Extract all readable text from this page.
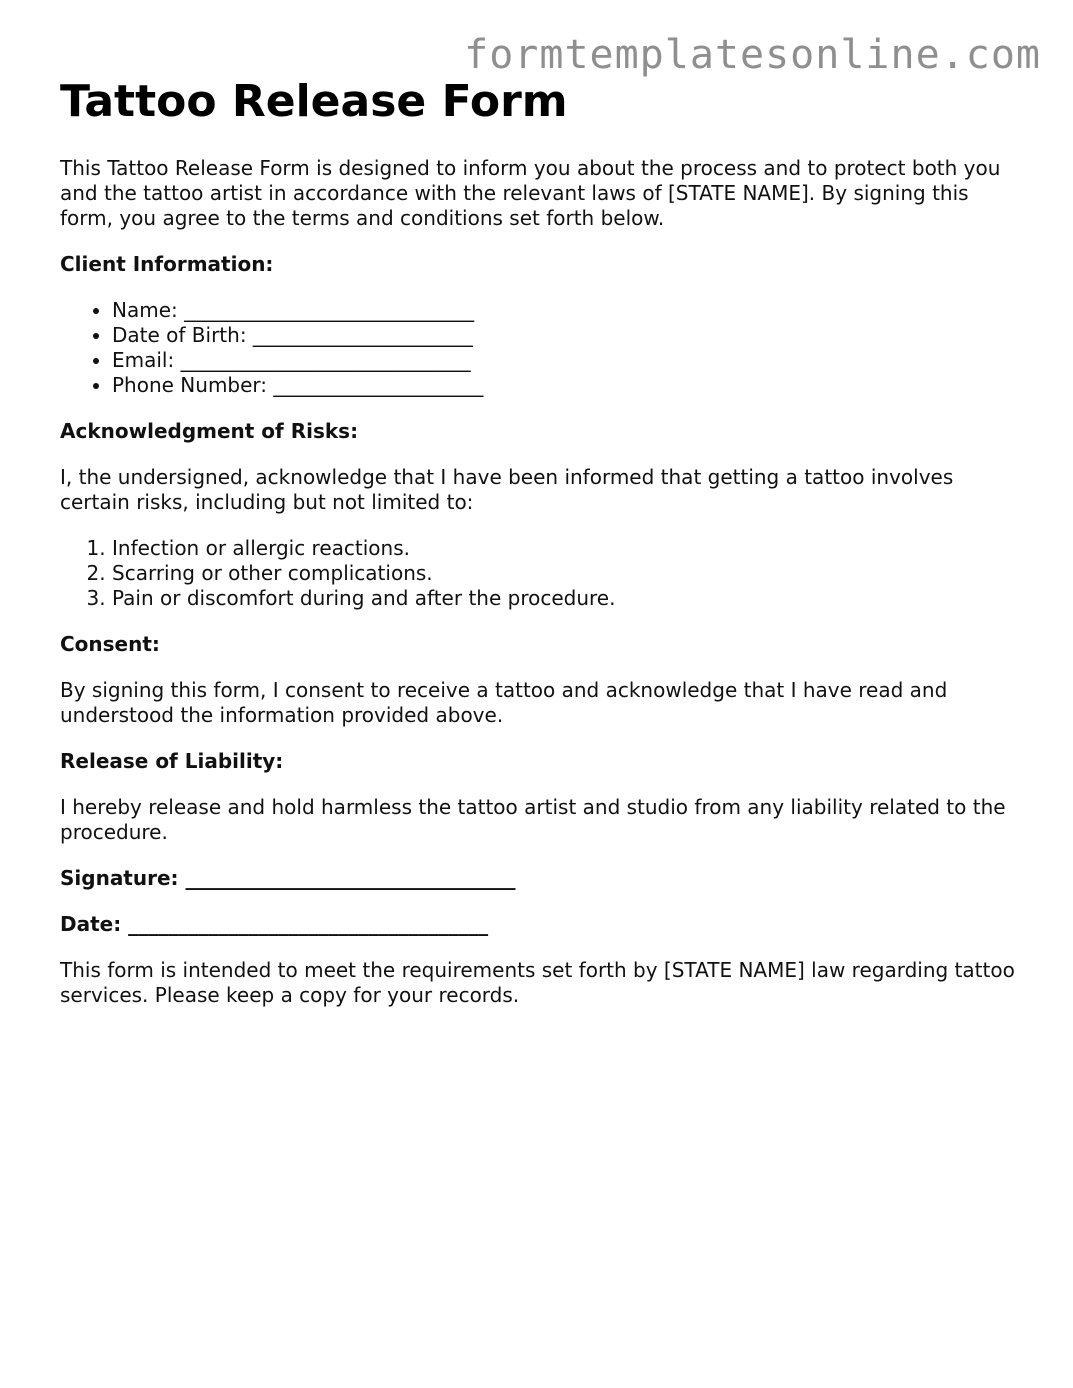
formtemplatesonline.com
Tattoo Release Form

This Tattoo Release Form is designed to inform you about the process and to protect both you and the tattoo artist in accordance with the relevant laws of [STATE NAME]. By signing this form, you agree to the terms and conditions set forth below.

Client Information:

• Name: _____________________________
• Date of Birth: ______________________
• Email: _____________________________
• Phone Number: _____________________

Acknowledgment of Risks:

I, the undersigned, acknowledge that I have been informed that getting a tattoo involves certain risks, including but not limited to:

1. Infection or allergic reactions.
2. Scarring or other complications.
3. Pain or discomfort during and after the procedure.

Consent:

By signing this form, I consent to receive a tattoo and acknowledge that I have read and understood the information provided above.

Release of Liability:

I hereby release and hold harmless the tattoo artist and studio from any liability related to the procedure.

Signature: _________________________________

Date: ____________________________________

This form is intended to meet the requirements set forth by [STATE NAME] law regarding tattoo services. Please keep a copy for your records.
